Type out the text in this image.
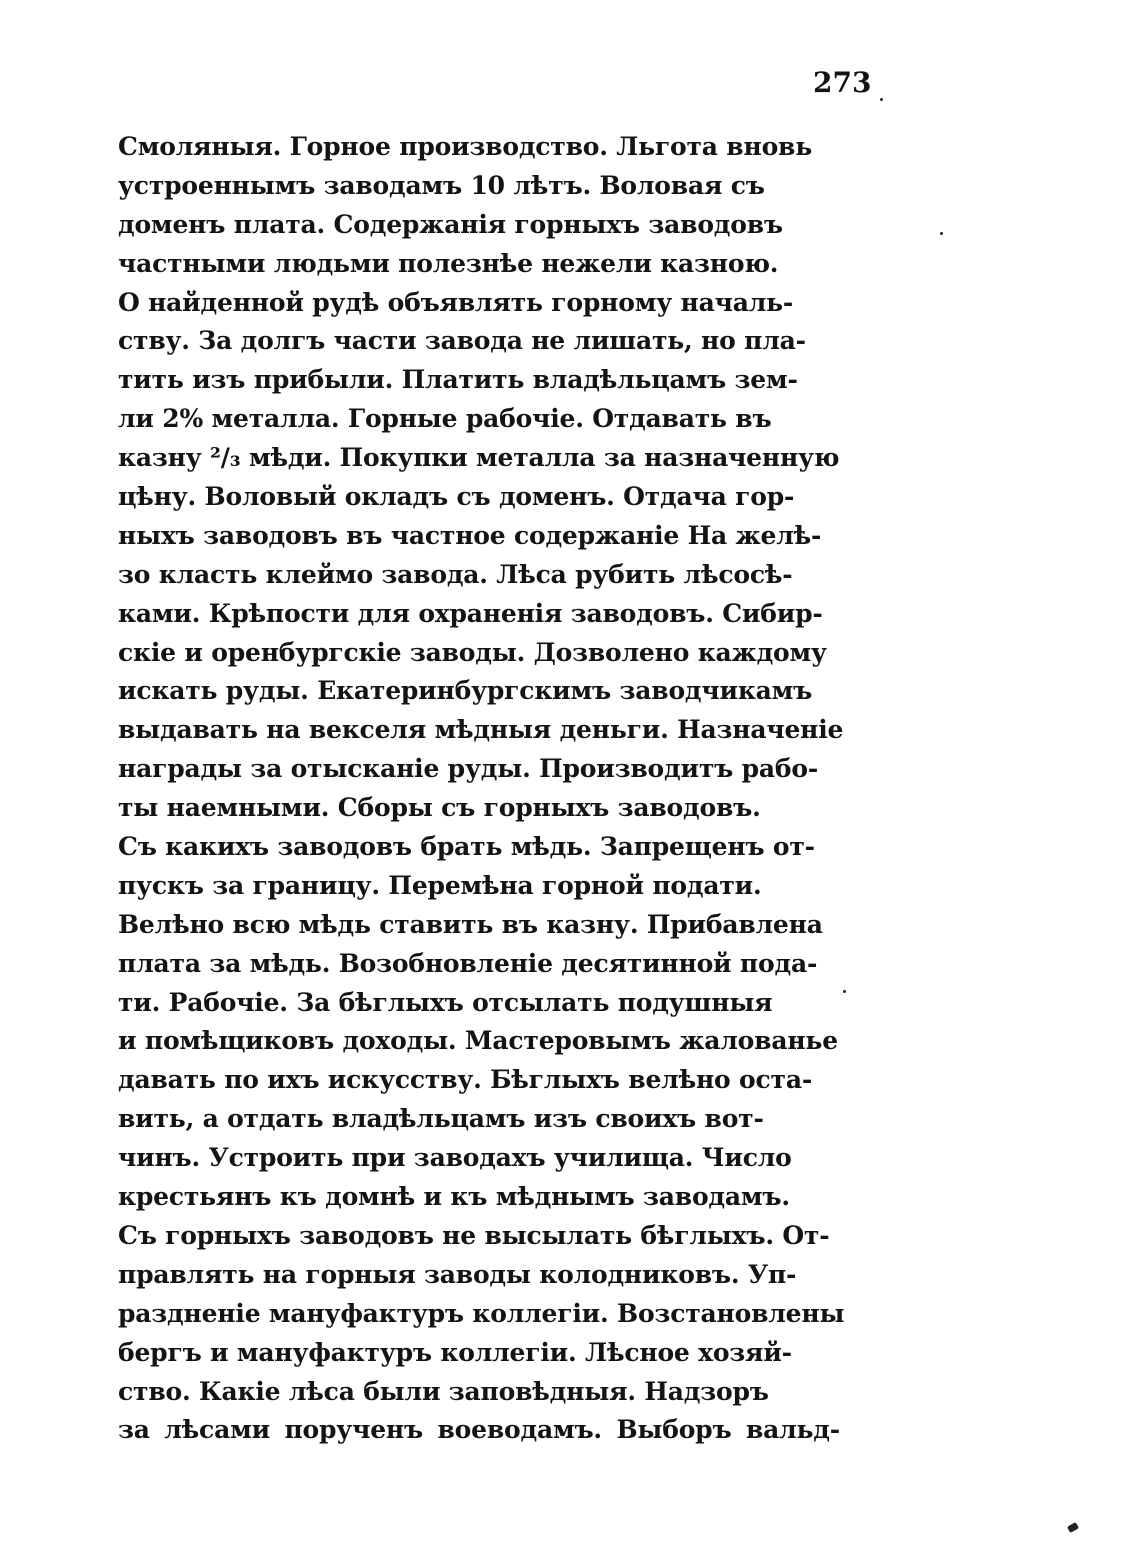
273
Смоляныя. Горное производство. Льгота вновь
устроеннымъ заводамъ 10 лѣтъ. Воловая съ
доменъ плата. Содержанія горныхъ заводовъ
частными людьми полезнѣе нежели казною.
О найденной рудѣ объявлять горному началь-
ству. За долгъ части завода не лишать, но пла-
тить изъ прибыли. Платить владѣльцамъ зем-
ли 2% металла. Горные рабочіе. Отдавать въ
казну ²/₃ мѣди. Покупки металла за назначенную
цѣну. Воловый окладъ съ доменъ. Отдача гор-
ныхъ заводовъ въ частное содержаніе На желѣ-
зо класть клеймо завода. Лѣса рубить лѣсосѣ-
ками. Крѣпости для охраненія заводовъ. Сибир-
скіе и оренбургскіе заводы. Дозволено каждому
искать руды. Екатеринбургскимъ заводчикамъ
выдавать на векселя мѣдныя деньги. Назначеніе
награды за отысканіе руды. Производитъ рабо-
ты наемными. Сборы съ горныхъ заводовъ.
Съ какихъ заводовъ брать мѣдь. Запрещенъ от-
пускъ за границу. Перемѣна горной подати.
Велѣно всю мѣдь ставить въ казну. Прибавлена
плата за мѣдь. Возобновленіе десятинной пода-
ти. Рабочіе. За бѣглыхъ отсылать подушныя
и помѣщиковъ доходы. Мастеровымъ жалованье
давать по ихъ искусству. Бѣглыхъ велѣно оста-
вить, а отдать владѣльцамъ изъ своихъ вот-
чинъ. Устроить при заводахъ училища. Число
крестьянъ къ домнѣ и къ мѣднымъ заводамъ.
Съ горныхъ заводовъ не высылать бѣглыхъ. От-
правлять на горныя заводы колодниковъ. Уп-
раздненіе мануфактуръ коллегіи. Возстановлены
бергъ и мануфактуръ коллегіи. Лѣсное хозяй-
ство. Какіе лѣса были заповѣдныя. Надзоръ
за лѣсами порученъ воеводамъ. Выборъ вальд-
